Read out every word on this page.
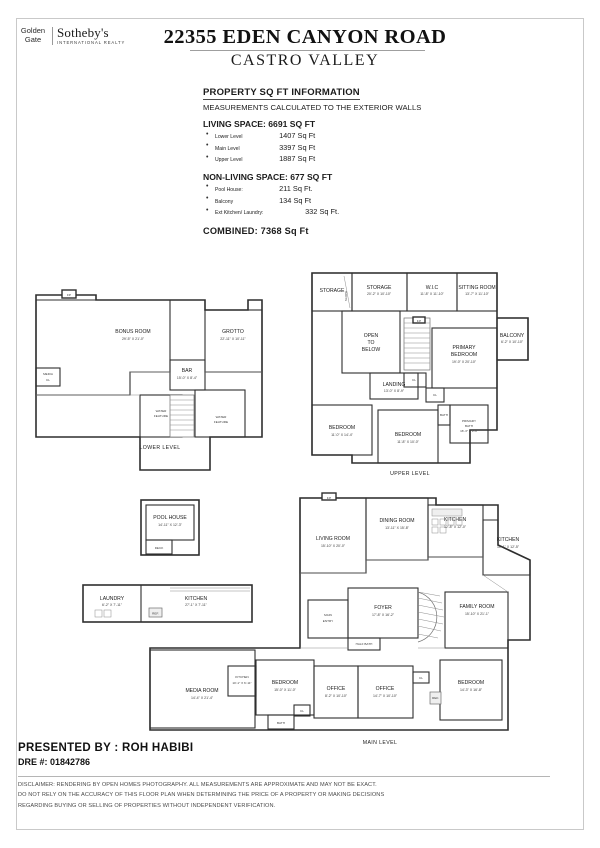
Golden
Gate	Sotheby's
INTERNATIONAL REALTY	22355 EDEN CANYON ROAD
CASTRO VALLEY
PROPERTY SQ FT INFORMATION
MEASUREMENTS CALCULATED TO THE EXTERIOR WALLS
LIVING SPACE: 6691 SQ FT
• Lower Level	1407 Sq Ft
• Main Level	3397 Sq Ft
• Upper Level	1887 Sq Ft
NON-LIVING SPACE: 677 SQ FT
• Pool House:	211 Sq Ft.
• Balcony	134 Sq Ft
• Ext Kitchen/ Laundry:	332 Sq Ft.
COMBINED: 7368 Sq Ft
FP
BONUS ROOM
29'-5" X 21'-0"
GROTTO
22'-11" X 10'-11"
BAR
15'-0" X 8'-4"
WATER
FEATURE	WATER
FEATURE
MEDIA
CL
LOWER LEVEL
SLOPE
F.P
STORAGE	STORAGE
20'-2" X 10'-10"
W.I.C
11'-8" X 11'-10"
SITTING ROOM
13'-7" X 11'-10"
BALCONY
6'-2" X 10'-10"
PRIMARY
BEDROOM
19'-0" X 20'-10"
OPEN
TO
BELOW
LANDING
13'-0" X 8'-9"
BEDROOM
11'-0" X 14'-4"	BEDROOM
11'-8" X 10'-0"
PRIMARY
BATH
16'-3" X 9'-0"
CL
CL
BATH
UPPER LEVEL
POOL HOUSE
14'-11" X 12'-3"
DECK
LAUNDRY
6'-2" X 7'-11"
KITCHEN
27'-1" X 7'-11"
REF.
LIVING ROOM
15'-10" X 20'-0"
F.P
DINING ROOM
13'-11" X 15'-8"
KITCHEN
12'-8" X 12'-0"
KITCHEN
10'-1" X 12'-5"
FAMILY ROOM
15'-10" X 21'-1"
FOYER
17'-8" X 16'-2"
MAIN
ENTRY
HALF BATH
MEDIA ROOM
14'-4" X 21'-4"
KITCHEN
10'-1" X 6'-11"	BEDROOM
15'-0" X 11'-0"
BATH
CL
OFFICE
8'-2" X 10'-10"
OFFICE
14'-7" X 10'-10"
CL
BEDROOM
14'-3" X 16'-8"
REF.
MAIN LEVEL
PRESENTED BY : ROH HABIBI
DRE #: 01842786
DISCLAIMER: RENDERING BY OPEN HOMES PHOTOGRAPHY. ALL MEASUREMENTS ARE APPROXIMATE AND MAY NOT BE EXACT.
DO NOT RELY ON THE ACCURACY OF THIS FLOOR PLAN WHEN DETERMINING THE PRICE OF A PROPERTY OR MAKING DECISIONS
REGARDING BUYING OR SELLING OF PROPERTIES WITHOUT INDEPENDENT VERIFICATION.
